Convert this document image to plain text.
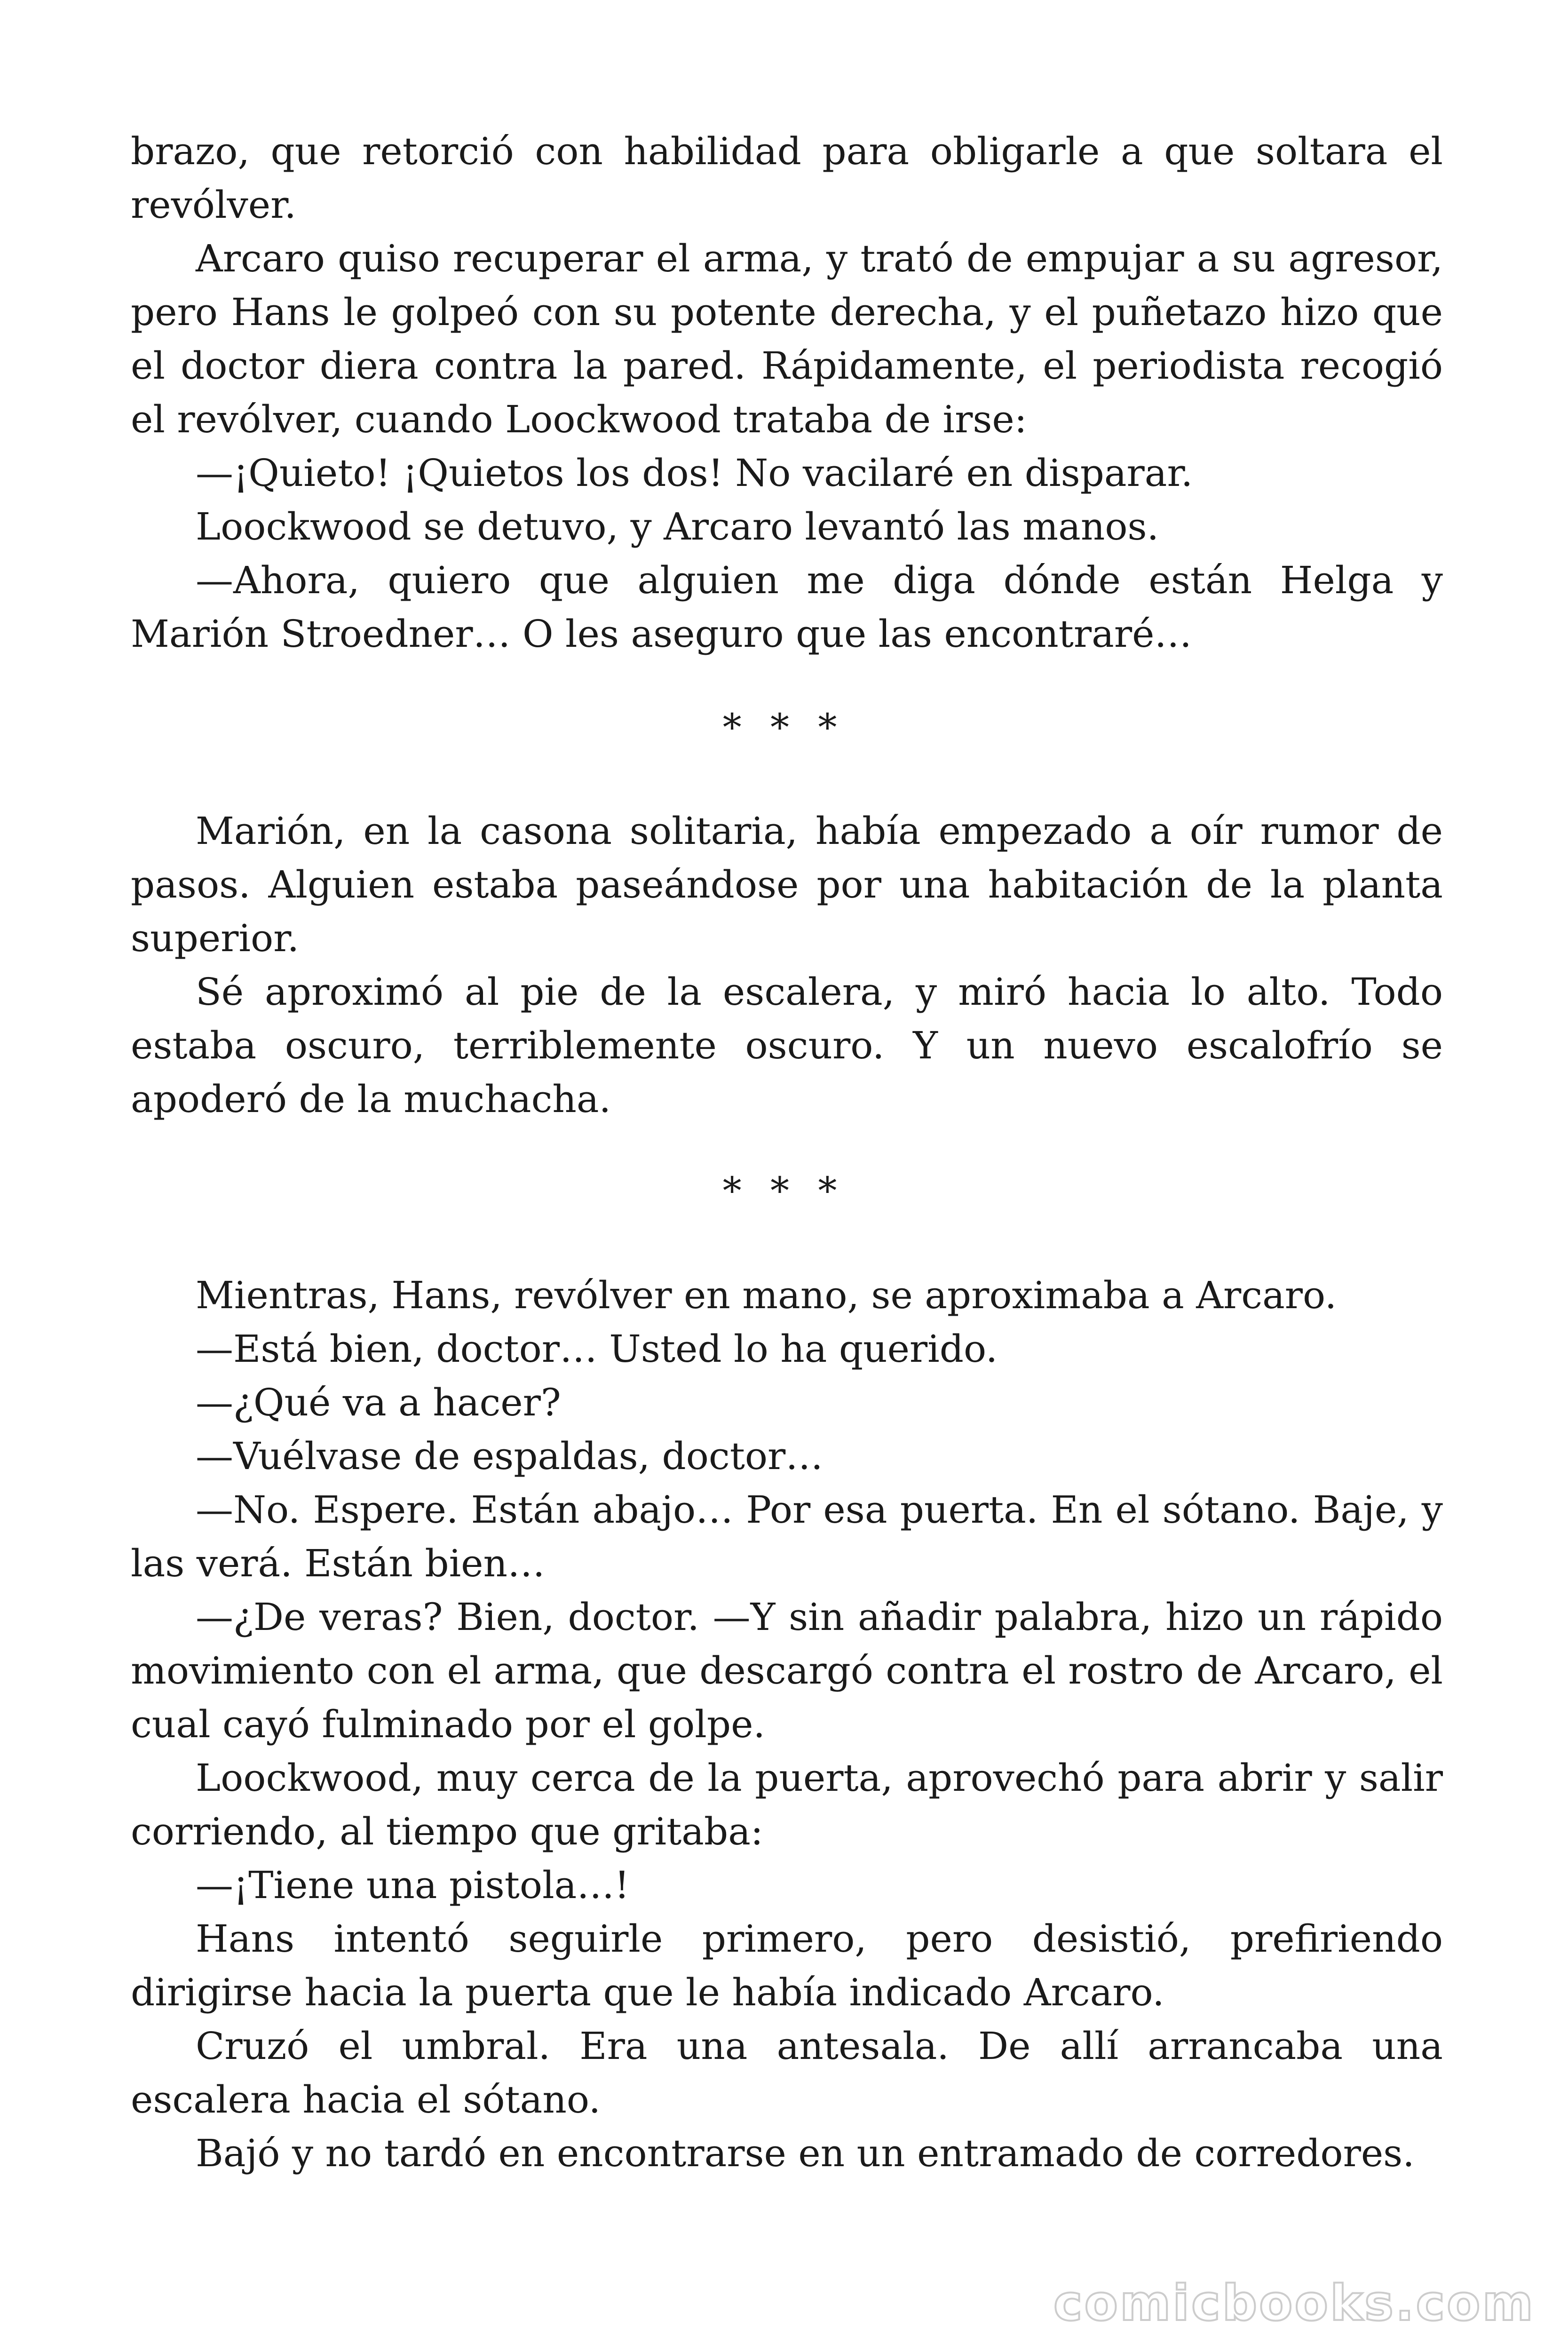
brazo, que retorció con habilidad para obligarle a que soltara el revólver.

Arcaro quiso recuperar el arma, y trató de empujar a su agresor, pero Hans le golpeó con su potente derecha, y el puñetazo hizo que el doctor diera contra la pared. Rápidamente, el periodista recogió el revólver, cuando Loockwood trataba de irse:

—¡Quieto! ¡Quietos los dos! No vacilaré en disparar.

Loockwood se detuvo, y Arcaro levantó las manos.

—Ahora, quiero que alguien me diga dónde están Helga y Marión Stroedner… O les aseguro que las encontraré…

* * *

Marión, en la casona solitaria, había empezado a oír rumor de pasos. Alguien estaba paseándose por una habitación de la planta superior.

Sé aproximó al pie de la escalera, y miró hacia lo alto. Todo estaba oscuro, terriblemente oscuro. Y un nuevo escalofrío se apoderó de la muchacha.

* * *

Mientras, Hans, revólver en mano, se aproximaba a Arcaro.

—Está bien, doctor… Usted lo ha querido.

—¿Qué va a hacer?

—Vuélvase de espaldas, doctor…

—No. Espere. Están abajo… Por esa puerta. En el sótano. Baje, y las verá. Están bien…

—¿De veras? Bien, doctor. —Y sin añadir palabra, hizo un rápido movimiento con el arma, que descargó contra el rostro de Arcaro, el cual cayó fulminado por el golpe.

Loockwood, muy cerca de la puerta, aprovechó para abrir y salir corriendo, al tiempo que gritaba:

—¡Tiene una pistola…!

Hans intentó seguirle primero, pero desistió, prefiriendo dirigirse hacia la puerta que le había indicado Arcaro.

Cruzó el umbral. Era una antesala. De allí arrancaba una escalera hacia el sótano.

Bajó y no tardó en encontrarse en un entramado de corredores.

comicbooks.com
